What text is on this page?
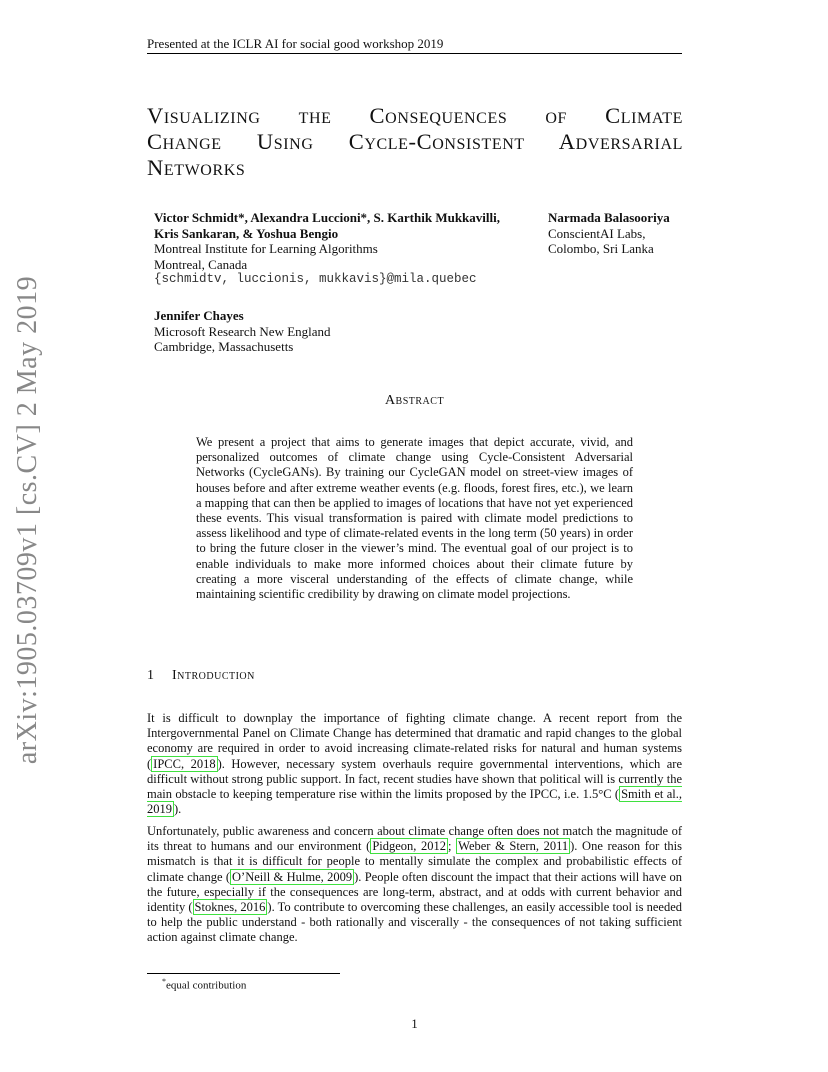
Presented at the ICLR AI for social good workshop 2019
arXiv:1905.03709v1 [cs.CV] 2 May 2019
Visualizing the Consequences of Climate
Change Using Cycle-Consistent Adversarial
Networks
Victor Schmidt*, Alexandra Luccioni*, S. Karthik Mukkavilli,
Kris Sankaran, & Yoshua Bengio
Montreal Institute for Learning Algorithms
Montreal, Canada
{schmidtv, luccionis, mukkavis}@mila.quebec
Narmada Balasooriya
ConscientAI Labs,
Colombo, Sri Lanka
Jennifer Chayes
Microsoft Research New England
Cambridge, Massachusetts
Abstract
We present a project that aims to generate images that depict accurate, vivid, and personalized outcomes of climate change using Cycle-Consistent Adversarial Networks (CycleGANs). By training our CycleGAN model on street-view images of houses before and after extreme weather events (e.g. floods, forest fires, etc.), we learn a mapping that can then be applied to images of locations that have not yet experienced these events. This visual transformation is paired with climate model predictions to assess likelihood and type of climate-related events in the long term (50 years) in order to bring the future closer in the viewer’s mind. The eventual goal of our project is to enable individuals to make more informed choices about their climate future by creating a more visceral understanding of the effects of climate change, while maintaining scientific credibility by drawing on climate model projections.
1 Introduction
It is difficult to downplay the importance of fighting climate change. A recent report from the Intergovernmental Panel on Climate Change has determined that dramatic and rapid changes to the global economy are required in order to avoid increasing climate-related risks for natural and human systems ( IPCC, 2018 ). However, necessary system overhauls require governmental interventions, which are difficult without strong public support. In fact, recent studies have shown that political will is currently the main obstacle to keeping temperature rise within the limits proposed by the IPCC, i.e. 1.5°C ( Smith et al., 2019 ).
Unfortunately, public awareness and concern about climate change often does not match the magnitude of its threat to humans and our environment ( Pidgeon, 2012 ; Weber & Stern, 2011 ). One reason for this mismatch is that it is difficult for people to mentally simulate the complex and probabilistic effects of climate change ( O’Neill & Hulme, 2009 ). People often discount the impact that their actions will have on the future, especially if the consequences are long-term, abstract, and at odds with current behavior and identity ( Stoknes, 2016 ). To contribute to overcoming these challenges, an easily accessible tool is needed to help the public understand - both rationally and viscerally - the consequences of not taking sufficient action against climate change.
*equal contribution
1
